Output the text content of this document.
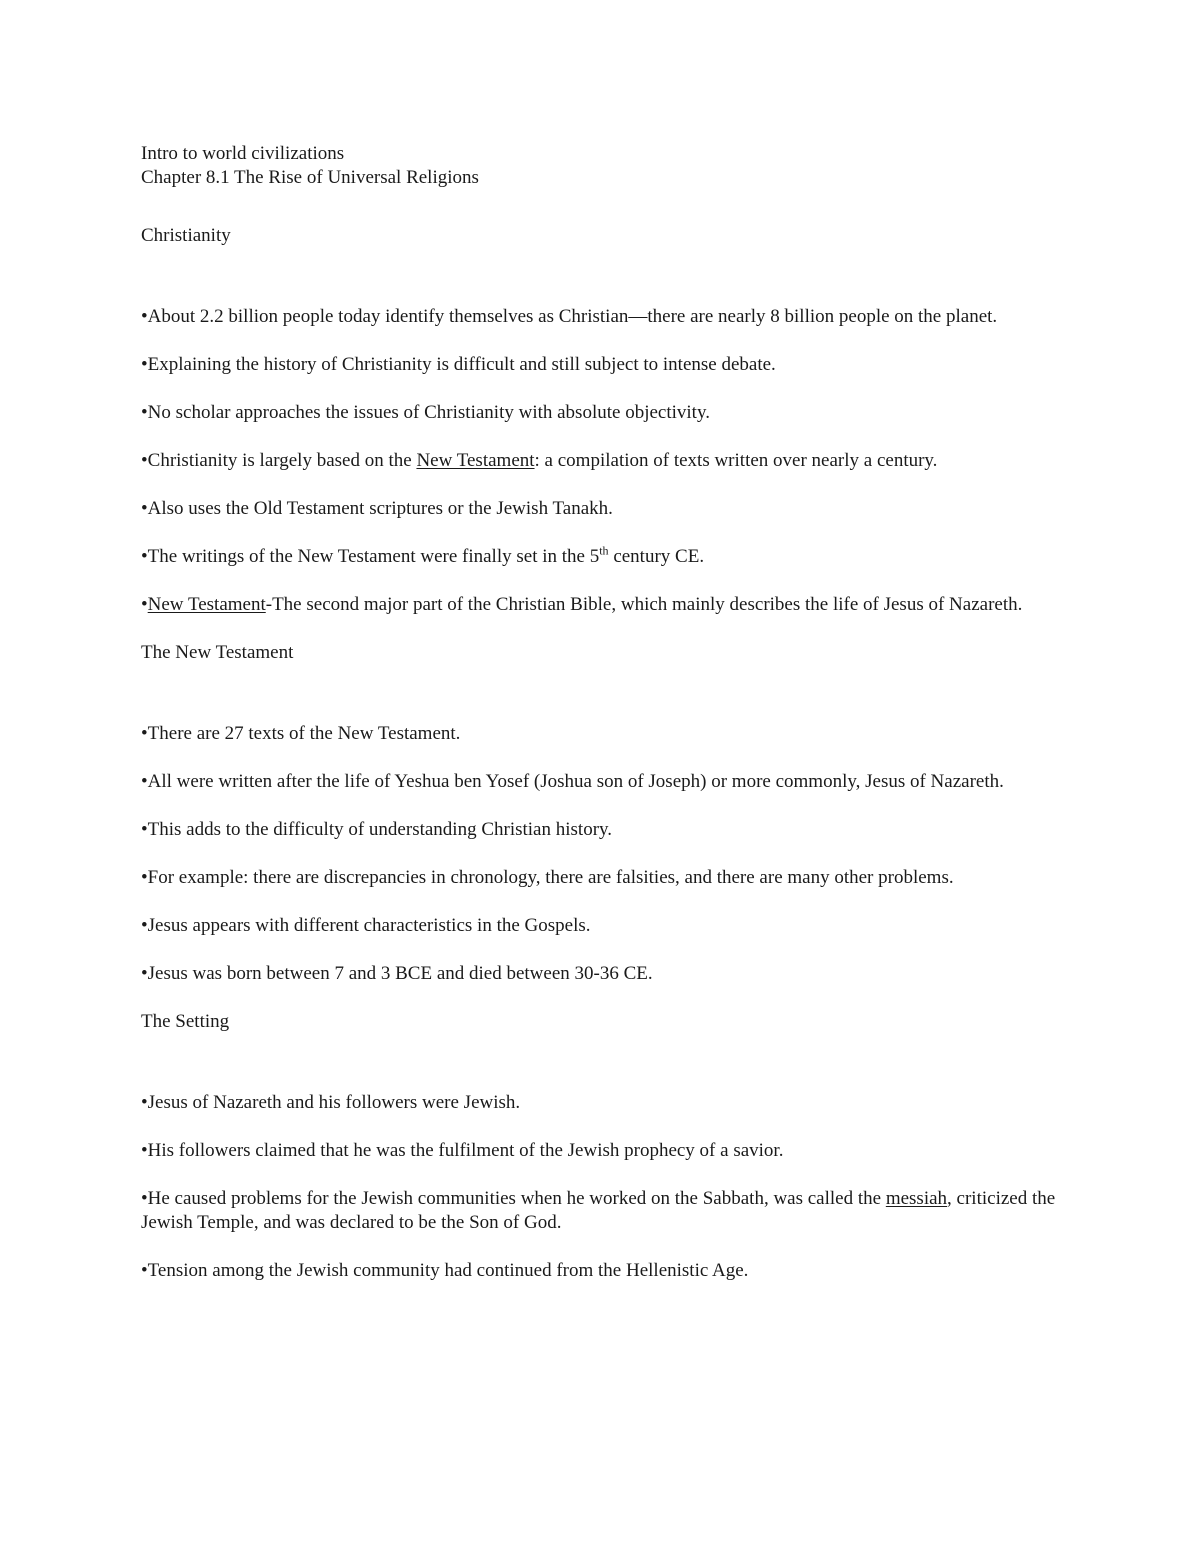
Intro to world civilizations

Chapter 8.1 The Rise of Universal Religions

Christianity

•About 2.2 billion people today identify themselves as Christian—there are nearly 8 billion people on the planet.

•Explaining the history of Christianity is difficult and still subject to intense debate.

•No scholar approaches the issues of Christianity with absolute objectivity.

•Christianity is largely based on the New Testament: a compilation of texts written over nearly a century.

•Also uses the Old Testament scriptures or the Jewish Tanakh.

•The writings of the New Testament were finally set in the 5th century CE.

•New Testament-The second major part of the Christian Bible, which mainly describes the life of Jesus of Nazareth.

The New Testament

•There are 27 texts of the New Testament.

•All were written after the life of Yeshua ben Yosef (Joshua son of Joseph) or more commonly, Jesus of Nazareth.

•This adds to the difficulty of understanding Christian history.

•For example: there are discrepancies in chronology, there are falsities, and there are many other problems.

•Jesus appears with different characteristics in the Gospels.

•Jesus was born between 7 and 3 BCE and died between 30-36 CE.

The Setting

•Jesus of Nazareth and his followers were Jewish.

•His followers claimed that he was the fulfilment of the Jewish prophecy of a savior.

•He caused problems for the Jewish communities when he worked on the Sabbath, was called the messiah, criticized the Jewish Temple, and was declared to be the Son of God.

•Tension among the Jewish community had continued from the Hellenistic Age.
